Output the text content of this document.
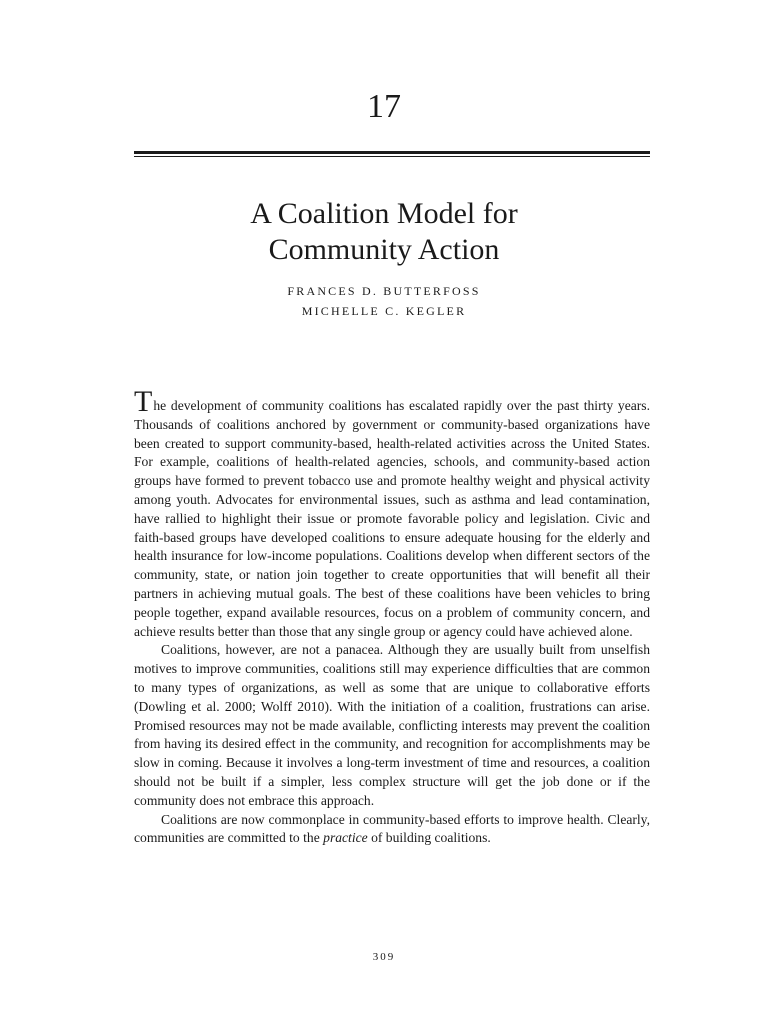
17
A Coalition Model for
Community Action
FRANCES D. BUTTERFOSS
MICHELLE C. KEGLER

The development of community coalitions has escalated rapidly over the past thirty years. Thousands of coalitions anchored by government or community-based organizations have been created to support community-based, health-related activities across the United States. For example, coalitions of health-related agencies, schools, and community-based action groups have formed to prevent tobacco use and promote healthy weight and physical activity among youth. Advocates for environmental issues, such as asthma and lead contamination, have rallied to highlight their issue or promote favorable policy and legislation. Civic and faith-based groups have developed coalitions to ensure adequate housing for the elderly and health insurance for low-income populations. Coalitions develop when different sectors of the community, state, or nation join together to create opportunities that will benefit all their partners in achieving mutual goals. The best of these coalitions have been vehicles to bring people together, expand available resources, focus on a problem of community concern, and achieve results better than those that any single group or agency could have achieved alone.

Coalitions, however, are not a panacea. Although they are usually built from unselfish motives to improve communities, coalitions still may experience difficulties that are common to many types of organizations, as well as some that are unique to collaborative efforts (Dowling et al. 2000; Wolff 2010). With the initiation of a coalition, frustrations can arise. Promised resources may not be made available, conflicting interests may prevent the coalition from having its desired effect in the community, and recognition for accomplishments may be slow in coming. Because it involves a long-term investment of time and resources, a coalition should not be built if a simpler, less complex structure will get the job done or if the community does not embrace this approach.

Coalitions are now commonplace in community-based efforts to improve health. Clearly, communities are committed to the practice of building coalitions.

309
